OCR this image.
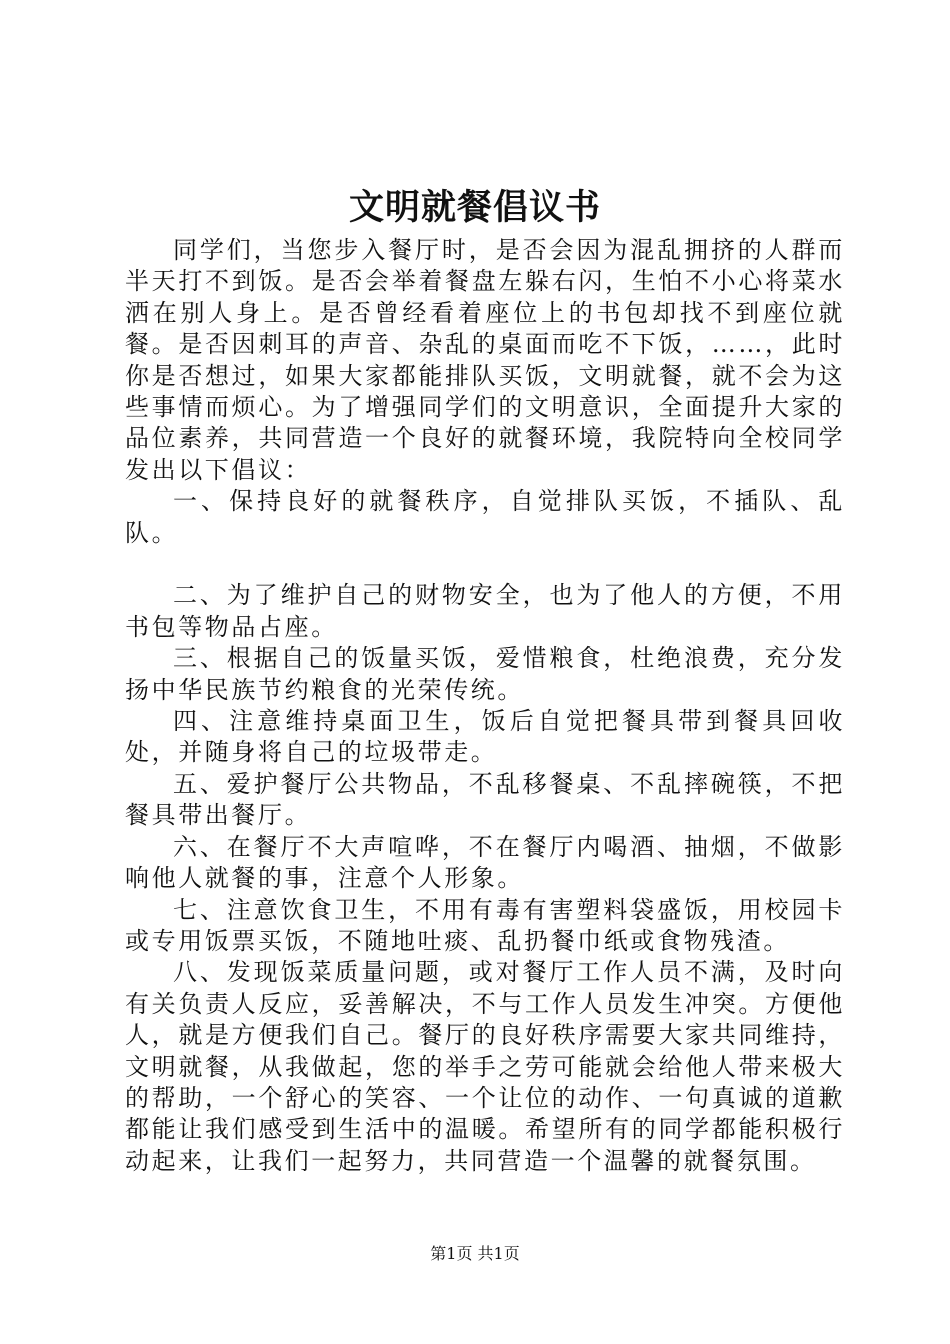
文明就餐倡议书

同学们，当您步入餐厅时，是否会因为混乱拥挤的人群而半天打不到饭。是否会举着餐盘左躲右闪，生怕不小心将菜水洒在别人身上。是否曾经看着座位上的书包却找不到座位就餐。是否因刺耳的声音、杂乱的桌面而吃不下饭，……，此时你是否想过，如果大家都能排队买饭，文明就餐，就不会为这些事情而烦心。为了增强同学们的文明意识，全面提升大家的品位素养，共同营造一个良好的就餐环境，我院特向全校同学发出以下倡议：

一、保持良好的就餐秩序，自觉排队买饭，不插队、乱队。

二、为了维护自己的财物安全，也为了他人的方便，不用书包等物品占座。

三、根据自己的饭量买饭，爱惜粮食，杜绝浪费，充分发扬中华民族节约粮食的光荣传统。

四、注意维持桌面卫生，饭后自觉把餐具带到餐具回收处，并随身将自己的垃圾带走。

五、爱护餐厅公共物品，不乱移餐桌、不乱摔碗筷，不把餐具带出餐厅。

六、在餐厅不大声喧哗，不在餐厅内喝酒、抽烟，不做影响他人就餐的事，注意个人形象。

七、注意饮食卫生，不用有毒有害塑料袋盛饭，用校园卡或专用饭票买饭，不随地吐痰、乱扔餐巾纸或食物残渣。

八、发现饭菜质量问题，或对餐厅工作人员不满，及时向有关负责人反应，妥善解决，不与工作人员发生冲突。方便他人，就是方便我们自己。餐厅的良好秩序需要大家共同维持，文明就餐，从我做起，您的举手之劳可能就会给他人带来极大的帮助，一个舒心的笑容、一个让位的动作、一句真诚的道歉都能让我们感受到生活中的温暖。希望所有的同学都能积极行动起来，让我们一起努力，共同营造一个温馨的就餐氛围。

第1页 共1页
